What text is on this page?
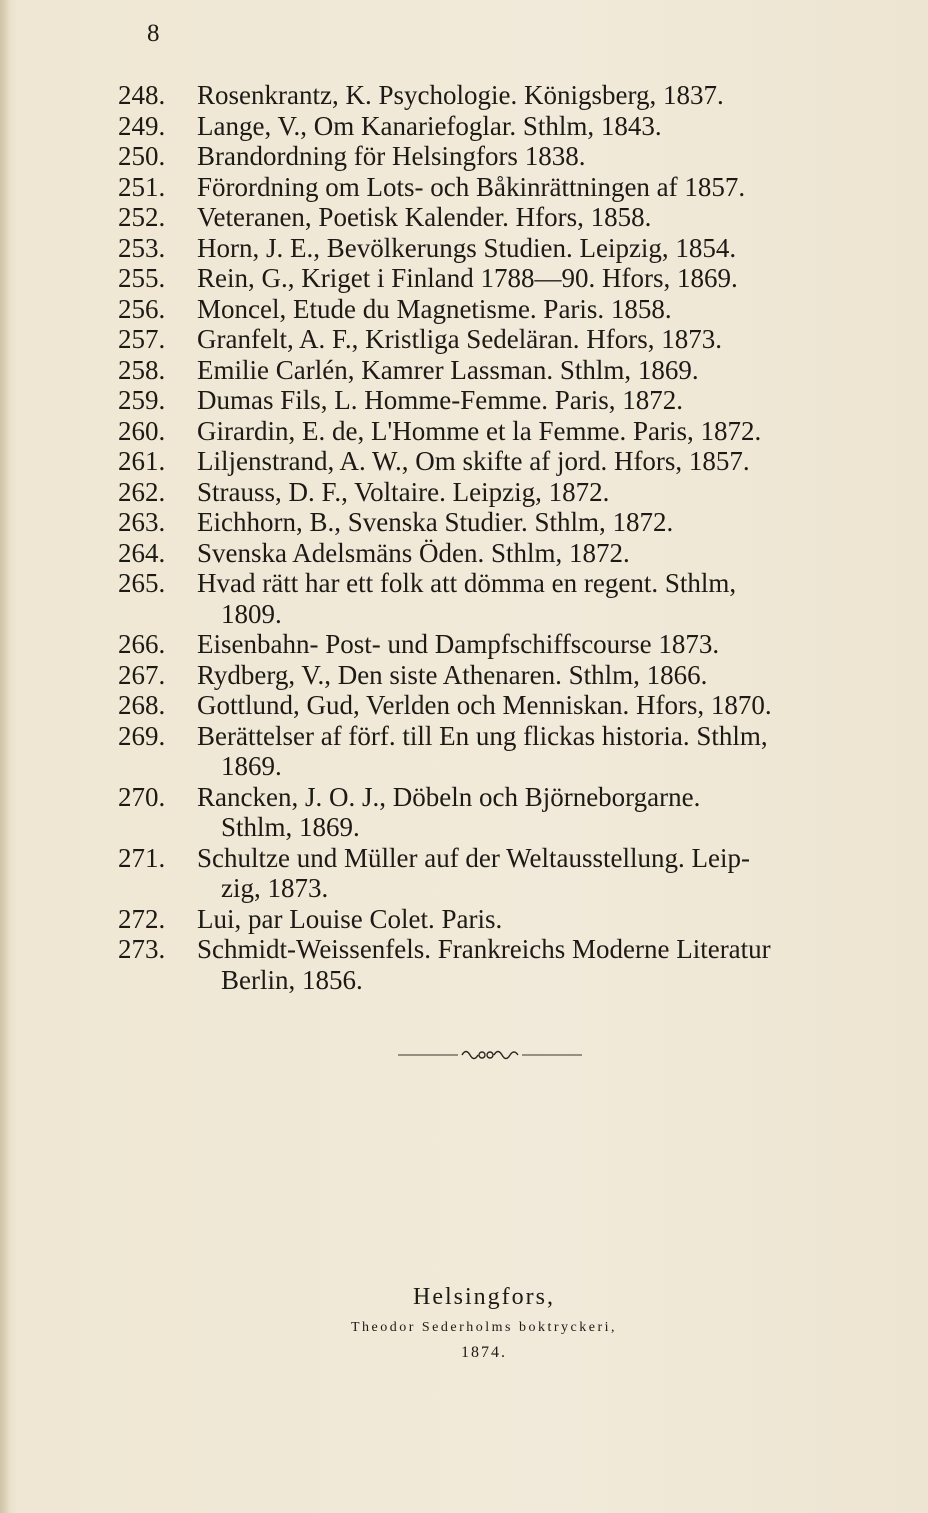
8
248.	Rosenkrantz, K. Psychologie. Königsberg, 1837.
249.	Lange, V., Om Kanariefoglar. Sthlm, 1843.
250.	Brandordning för Helsingfors 1838.
251.	Förordning om Lots- och Båkinrättningen af 1857.
252.	Veteranen, Poetisk Kalender. Hfors, 1858.
253.	Horn, J. E., Bevölkerungs Studien. Leipzig, 1854.
255.	Rein, G., Kriget i Finland 1788—90. Hfors, 1869.
256.	Moncel, Etude du Magnetisme. Paris. 1858.
257.	Granfelt, A. F., Kristliga Sedeläran. Hfors, 1873.
258.	Emilie Carlén, Kamrer Lassman. Sthlm, 1869.
259.	Dumas Fils, L. Homme-Femme. Paris, 1872.
260.	Girardin, E. de, L'Homme et la Femme. Paris, 1872.
261.	Liljenstrand, A. W., Om skifte af jord. Hfors, 1857.
262.	Strauss, D. F., Voltaire. Leipzig, 1872.
263.	Eichhorn, B., Svenska Studier. Sthlm, 1872.
264.	Svenska Adelsmäns Öden. Sthlm, 1872.
265.	Hvad rätt har ett folk att dömma en regent. Sthlm,
1809.
266.	Eisenbahn- Post- und Dampfschiffscourse 1873.
267.	Rydberg, V., Den siste Athenaren. Sthlm, 1866.
268.	Gottlund, Gud, Verlden och Menniskan. Hfors, 1870.
269.	Berättelser af förf. till En ung flickas historia. Sthlm,
1869.
270.	Rancken, J. O. J., Döbeln och Björneborgarne.
Sthlm, 1869.
271.	Schultze und Müller auf der Weltausstellung. Leip-
zig, 1873.
272.	Lui, par Louise Colet. Paris.
273.	Schmidt-Weissenfels. Frankreichs Moderne Literatur
Berlin, 1856.
Helsingfors,
Theodor Sederholms boktryckeri,
1874.
